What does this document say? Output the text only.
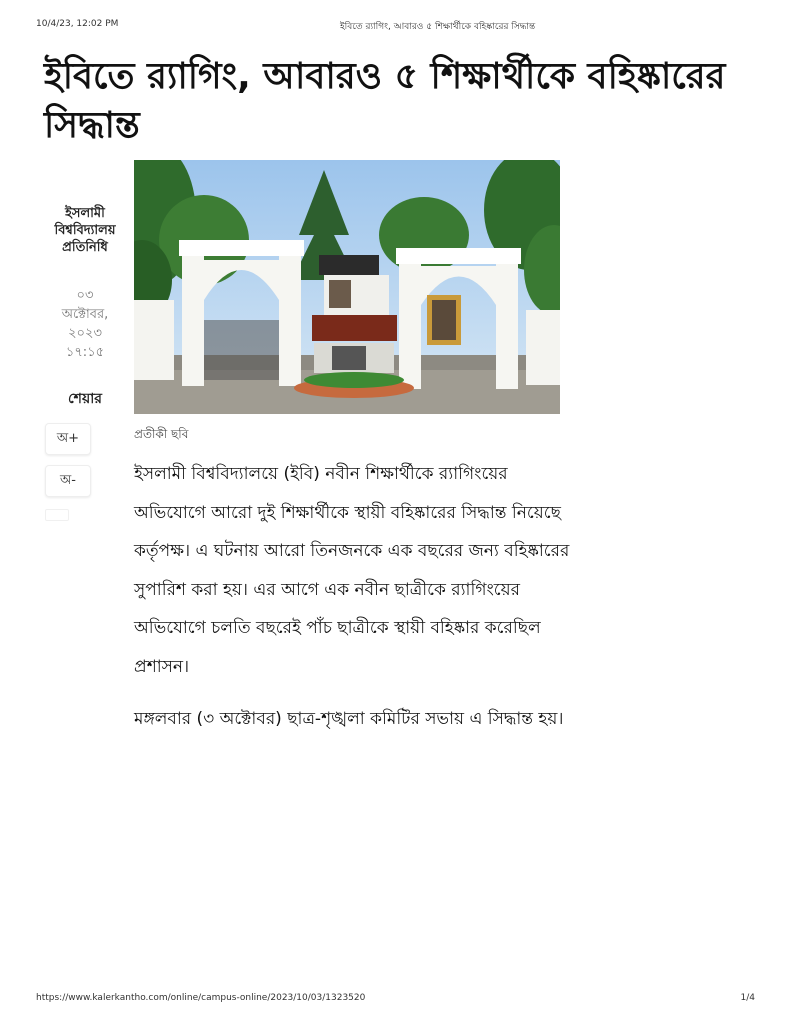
10/4/23, 12:02 PM	ইবিতে র‍্যাগিং, আবারও ৫ শিক্ষার্থীকে বহিষ্কারের সিদ্ধান্ত
ইবিতে র‍্যাগিং, আবারও ৫ শিক্ষার্থীকে বহিষ্কারের সিদ্ধান্ত
ইসলামী
বিশ্ববিদ্যালয়
প্রতিনিধি
০৩
অক্টোবর,
২০২৩
১৭:১৫
শেয়ার
অ+
অ-
প্রতীকী ছবি

ইসলামী বিশ্ববিদ্যালয়ে (ইবি) নবীন শিক্ষার্থীকে র‍্যাগিংয়ের অভিযোগে আরো দুই শিক্ষার্থীকে স্থায়ী বহিষ্কারের সিদ্ধান্ত নিয়েছে কর্তৃপক্ষ। এ ঘটনায় আরো তিনজনকে এক বছরের জন্য বহিষ্কারের সুপারিশ করা হয়। এর আগে এক নবীন ছাত্রীকে র‍্যাগিংয়ের অভিযোগে চলতি বছরেই পাঁচ ছাত্রীকে স্থায়ী বহিষ্কার করেছিল প্রশাসন।

মঙ্গলবার (৩ অক্টোবর) ছাত্র-শৃঙ্খলা কমিটির সভায় এ সিদ্ধান্ত হয়।

https://www.kalerkantho.com/online/campus-online/2023/10/03/1323520	1/4
